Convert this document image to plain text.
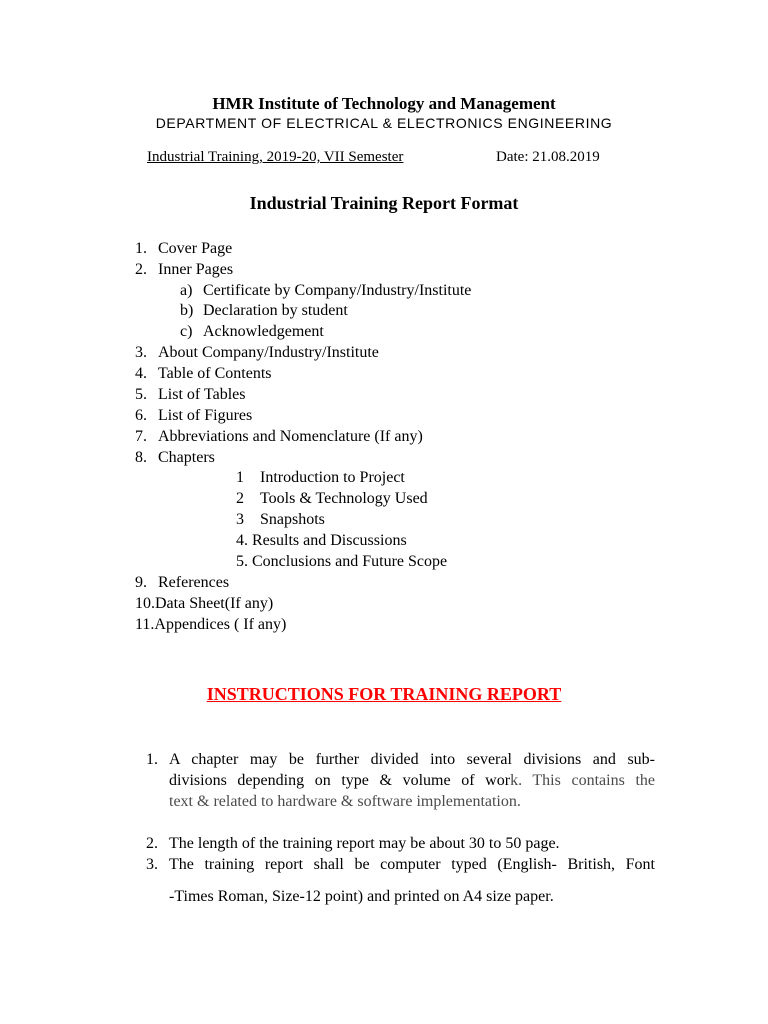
HMR Institute of Technology and Management
DEPARTMENT OF ELECTRICAL & ELECTRONICS ENGINEERING
Industrial Training, 2019-20, VII Semester	Date: 21.08.2019
Industrial Training Report Format
1. Cover Page
2. Inner Pages
a) Certificate by Company/Industry/Institute
b) Declaration by student
c) Acknowledgement
3. About Company/Industry/Institute
4. Table of Contents
5. List of Tables
6. List of Figures
7. Abbreviations and Nomenclature (If any)
8. Chapters
1 Introduction to Project
2 Tools & Technology Used
3 Snapshots
4. Results and Discussions
5. Conclusions and Future Scope
9. References
10.Data Sheet(If any)
11.Appendices ( If any)
INSTRUCTIONS FOR TRAINING REPORT
1. A chapter may be further divided into several divisions and sub-
divisions depending on type & volume of work. This contains the
text & related to hardware & software implementation.
2. The length of the training report may be about 30 to 50 page.
3. The training report shall be computer typed (English- British, Font
-Times Roman, Size-12 point) and printed on A4 size paper.
